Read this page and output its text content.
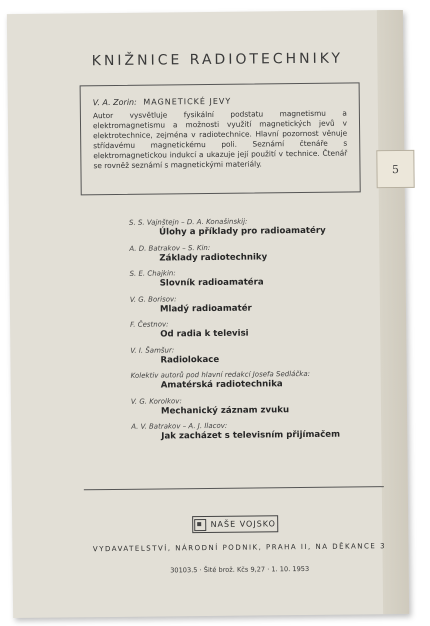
5
KNIŽNICE RADIOTECHNIKY
V. A. Zorin: MAGNETICKÉ JEVY
Autor vysvětluje fysikální podstatu magnetismu a elektromagnetismu a možnosti využití magnetických jevů v elektrotechnice, zejména v radiotechnice. Hlavní pozornost věnuje střídavému magnetickému poli. Seznámí čtenáře s elektromagnetickou indukcí a ukazuje její použití v technice. Čtenář se rovněž seznámí s magnetickými materiály.
S. S. Vajnštejn – D. A. Konašinskij:
Úlohy a příklady pro radioamatéry
A. D. Batrakov – S. Kin:
Základy radiotechniky
S. E. Chajkin:
Slovník radioamatéra
V. G. Borisov:
Mladý radioamatér
F. Čestnov:
Od radia k televisi
V. I. Šamšur:
Radiolokace
Kolektiv autorů pod hlavní redakcí Josefa Sedláčka:
Amatérská radiotechnika
V. G. Korolkov:
Mechanický záznam zvuku
A. V. Batrakov – A. J. Ilacov:
Jak zacházet s televisním přijímačem
NAŠE VOJSKO
VYDAVATELSTVÍ, NÁRODNÍ PODNIK, PRAHA II, NA DĚKANCE 3
30103.5 · Šité brož. Kčs 9,27 · 1. 10. 1953
